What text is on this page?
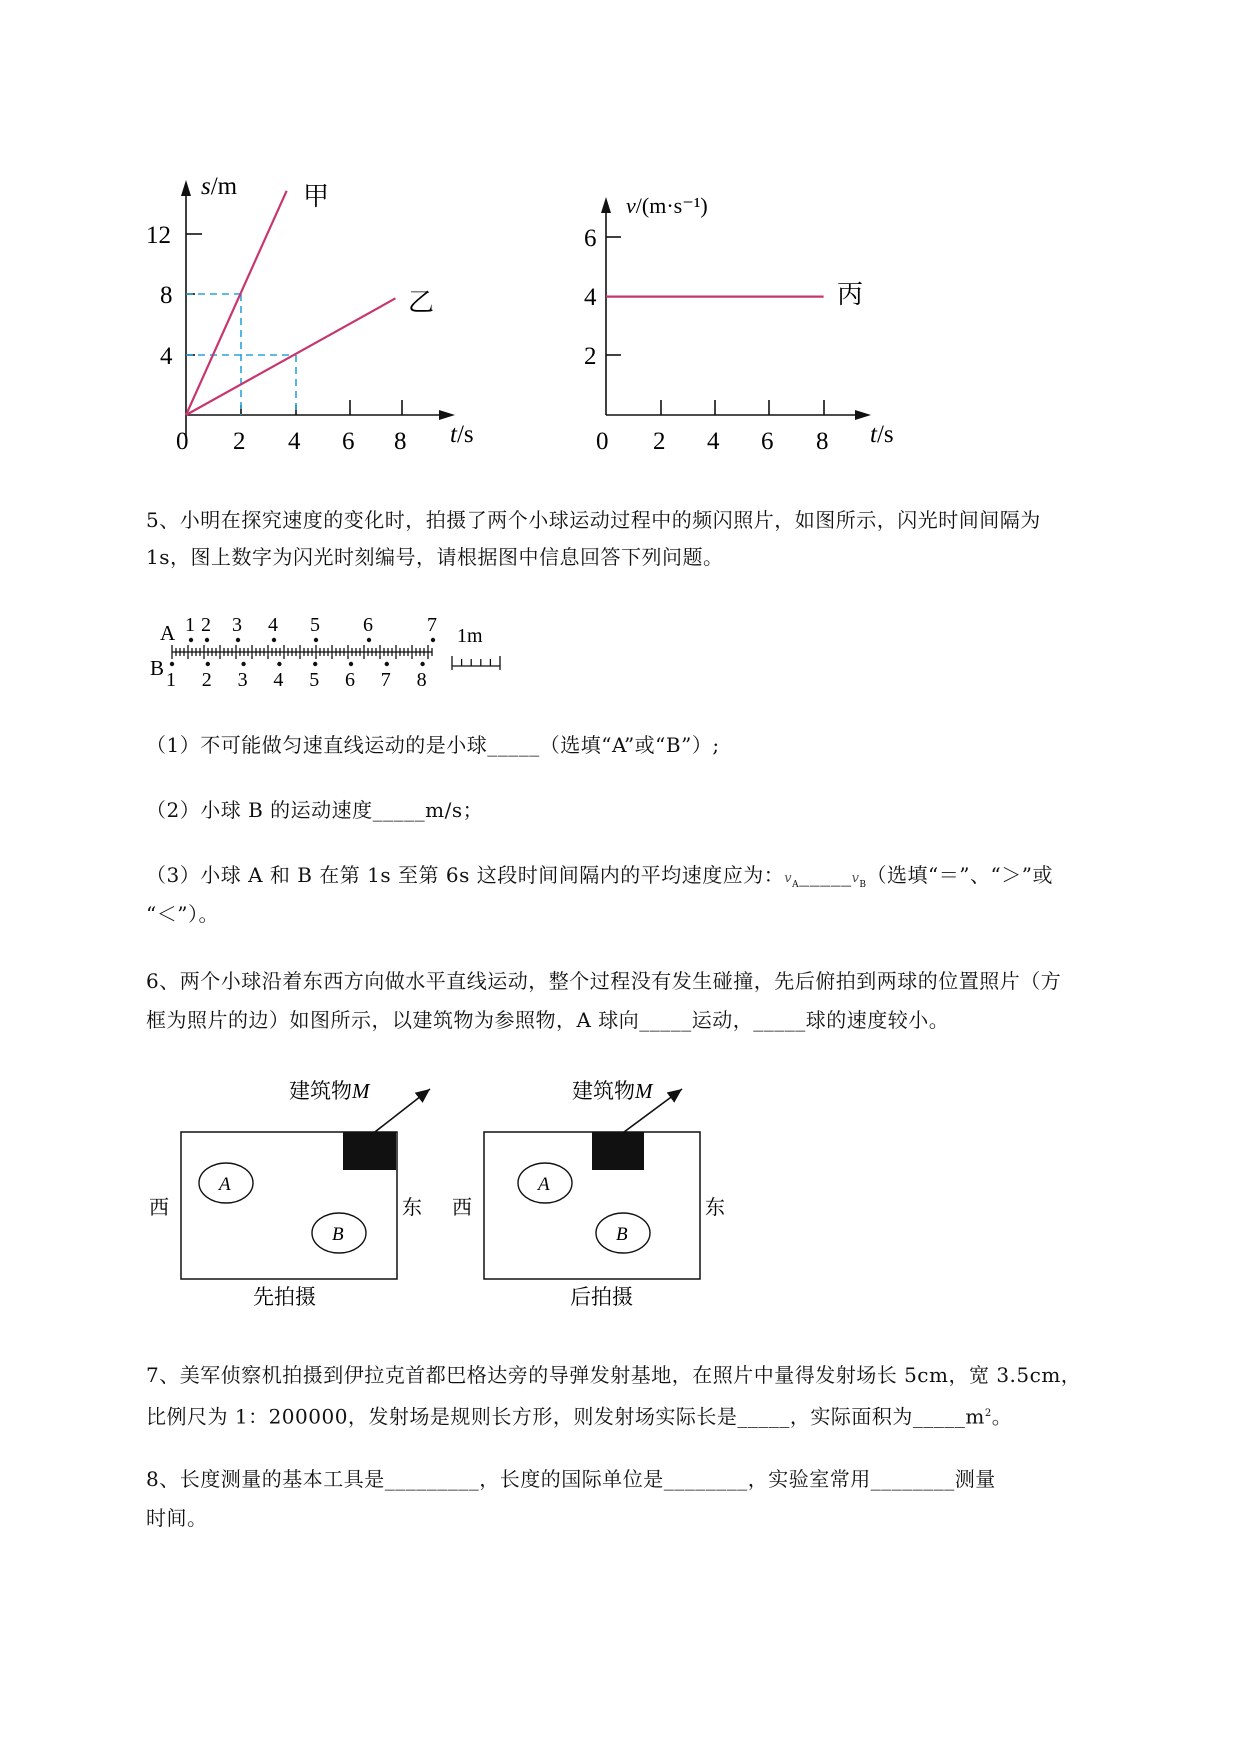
s/m
t/s
12
8
4
0 2 4 6 8
甲
乙
v/(m·s⁻¹)
t/s
6
4
2
0 2 4 6 8
丙
5、小明在探究速度的变化时，拍摄了两个小球运动过程中的频闪照片，如图所示，闪光时间间隔为
1s，图上数字为闪光时刻编号，请根据图中信息回答下列问题。
1 2 3 4 5 6	7
1 2 3 4 5 6 7 8
A
B
1m
（1）不可能做匀速直线运动的是小球_____（选填“A”或“B”）;
（2）小球 B 的运动速度_____m/s；
（3）小球 A 和 B 在第 1s 至第 6s 这段时间间隔内的平均速度应为：$v_A\_\_\_\_\_v_B$（选填“＝”、“＞”或
“＜”）。
6、两个小球沿着东西方向做水平直线运动，整个过程没有发生碰撞，先后俯拍到两球的位置照片（方
框为照片的边）如图所示，以建筑物为参照物，A 球向_____运动，_____球的速度较小。
A
B
建筑物M
西	东
先拍摄
A
B
建筑物M
西	东
后拍摄
7、美军侦察机拍摄到伊拉克首都巴格达旁的导弹发射基地，在照片中量得发射场长 5cm，宽 3.5cm，
比例尺为 1：200000，发射场是规则长方形，则发射场实际长是_____，实际面积为$\_\_\_\_\_m^2$。
8、长度测量的基本工具是_________，长度的国际单位是________，实验室常用________测量
时间。
